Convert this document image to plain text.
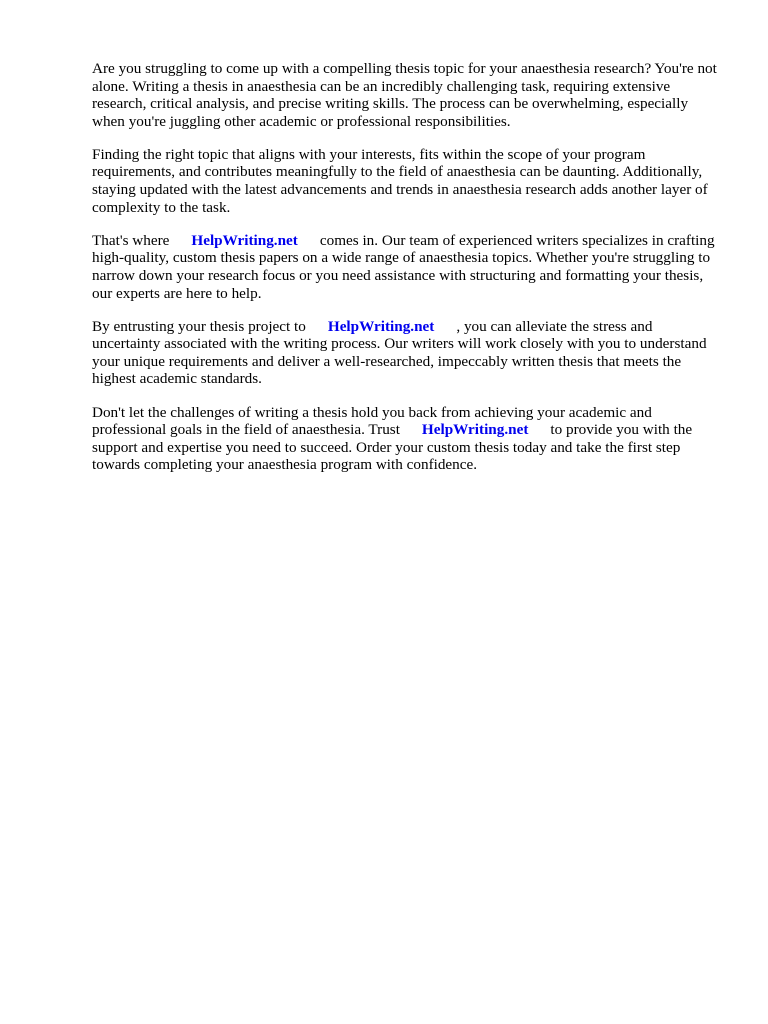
Are you struggling to come up with a compelling thesis topic for your anaesthesia research? You're not alone. Writing a thesis in anaesthesia can be an incredibly challenging task, requiring extensive research, critical analysis, and precise writing skills. The process can be overwhelming, especially when you're juggling other academic or professional responsibilities.

Finding the right topic that aligns with your interests, fits within the scope of your program requirements, and contributes meaningfully to the field of anaesthesia can be daunting. Additionally, staying updated with the latest advancements and trends in anaesthesia research adds another layer of complexity to the task.

That's where HelpWriting.net comes in. Our team of experienced writers specializes in crafting high-quality, custom thesis papers on a wide range of anaesthesia topics. Whether you're struggling to narrow down your research focus or you need assistance with structuring and formatting your thesis, our experts are here to help.

By entrusting your thesis project to HelpWriting.net , you can alleviate the stress and uncertainty associated with the writing process. Our writers will work closely with you to understand your unique requirements and deliver a well-researched, impeccably written thesis that meets the highest academic standards.

Don't let the challenges of writing a thesis hold you back from achieving your academic and professional goals in the field of anaesthesia. Trust HelpWriting.net to provide you with the support and expertise you need to succeed. Order your custom thesis today and take the first step towards completing your anaesthesia program with confidence.
